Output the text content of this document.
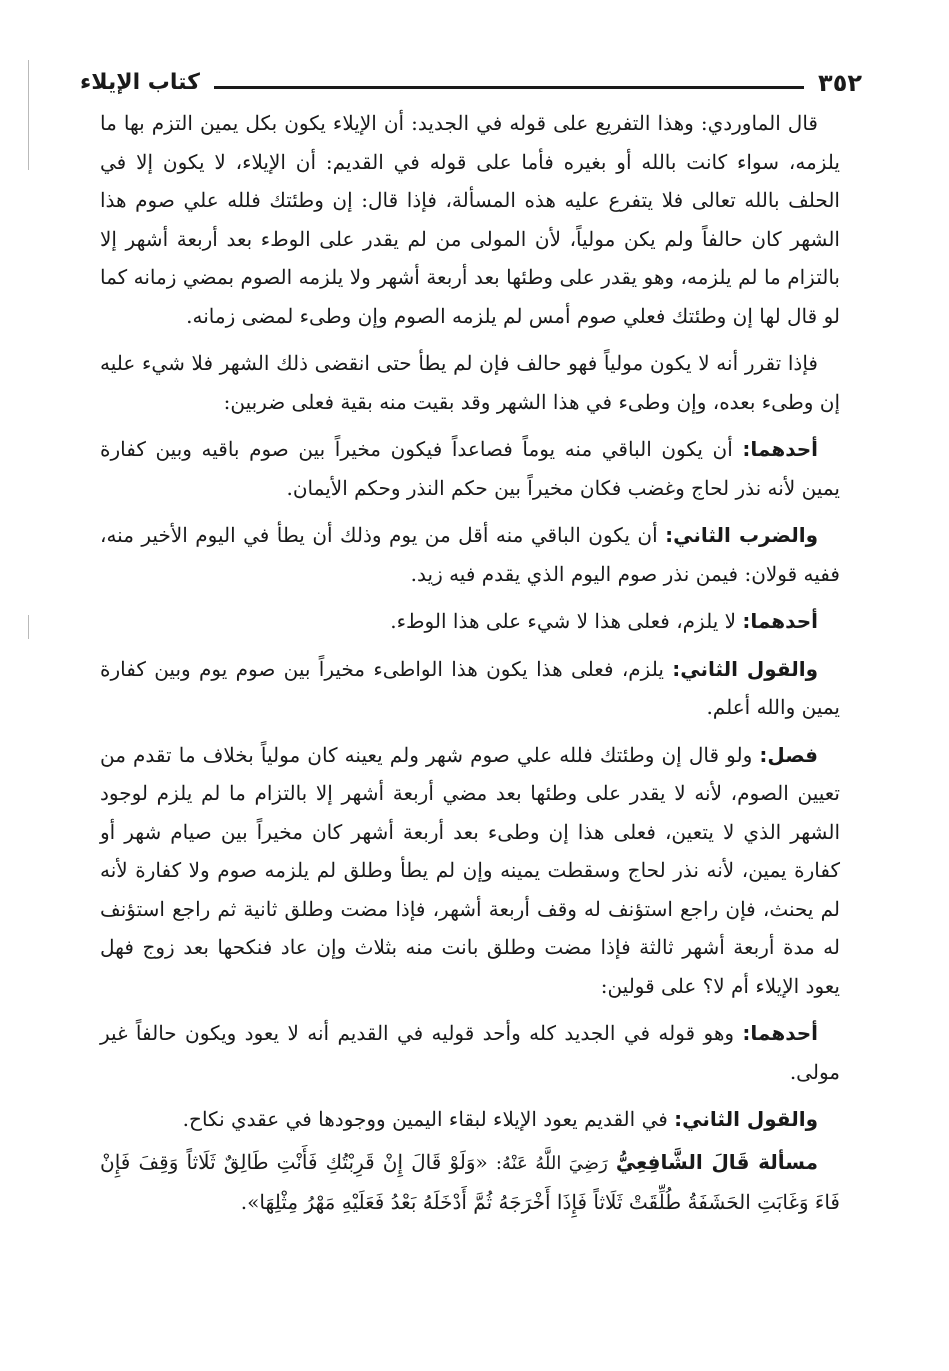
٣٥٢
كتاب الإيلاء

قال الماوردي: وهذا التفريع على قوله في الجديد: أن الإيلاء يكون بكل يمين التزم بها ما يلزمه، سواء كانت بالله أو بغيره فأما على قوله في القديم: أن الإيلاء، لا يكون إلا في الحلف بالله تعالى فلا يتفرع عليه هذه المسألة، فإذا قال: إن وطئتك فلله علي صوم هذا الشهر كان حالفاً ولم يكن مولياً، لأن المولى من لم يقدر على الوطء بعد أربعة أشهر إلا بالتزام ما لم يلزمه، وهو يقدر على وطئها بعد أربعة أشهر ولا يلزمه الصوم بمضي زمانه كما لو قال لها إن وطئتك فعلي صوم أمس لم يلزمه الصوم وإن وطىء لمضى زمانه.

فإذا تقرر أنه لا يكون مولياً فهو حالف فإن لم يطأ حتى انقضى ذلك الشهر فلا شيء عليه إن وطىء بعده، وإن وطىء في هذا الشهر وقد بقيت منه بقية فعلى ضربين:

أحدهما: أن يكون الباقي منه يوماً فصاعداً فيكون مخيراً بين صوم باقيه وبين كفارة يمين لأنه نذر لحاج وغضب فكان مخيراً بين حكم النذر وحكم الأيمان.

والضرب الثاني: أن يكون الباقي منه أقل من يوم وذلك أن يطأ في اليوم الأخير منه، ففيه قولان: فيمن نذر صوم اليوم الذي يقدم فيه زيد.

أحدهما: لا يلزم، فعلى هذا لا شيء على هذا الوطء.

والقول الثاني: يلزم، فعلى هذا يكون هذا الواطىء مخيراً بين صوم يوم وبين كفارة يمين والله أعلم.

فصل: ولو قال إن وطئتك فلله علي صوم شهر ولم يعينه كان مولياً بخلاف ما تقدم من تعيين الصوم، لأنه لا يقدر على وطئها بعد مضي أربعة أشهر إلا بالتزام ما لم يلزم لوجود الشهر الذي لا يتعين، فعلى هذا إن وطىء بعد أربعة أشهر كان مخيراً بين صيام شهر أو كفارة يمين، لأنه نذر لحاج وسقطت يمينه وإن لم يطأ وطلق لم يلزمه صوم ولا كفارة لأنه لم يحنث، فإن راجع استؤنف له وقف أربعة أشهر، فإذا مضت وطلق ثانية ثم راجع استؤنف له مدة أربعة أشهر ثالثة فإذا مضت وطلق بانت منه بثلاث وإن عاد فنكحها بعد زوج فهل يعود الإيلاء أم لا؟ على قولين:

أحدهما: وهو قوله في الجديد كله وأحد قوليه في القديم أنه لا يعود ويكون حالفاً غير مولى.

والقول الثاني: في القديم يعود الإيلاء لبقاء اليمين ووجودها في عقدي نكاح.

مسألة قَالَ الشَّافِعِيُّ رَضِيَ اللَّهُ عَنْهُ: «وَلَوْ قَالَ إِنْ قَرِبْتُكِ فَأَنْتِ طَالِقٌ ثَلَاثاً وَقِفَ فَإِنْ فَاءَ وَغَابَتِ الحَشَفَةُ طُلِّقَتْ ثَلَاثاً فَإِذَا أَخْرَجَهُ ثُمَّ أَدْخَلَهُ بَعْدُ فَعَلَيْهِ مَهْرُ مِثْلِهَا».
